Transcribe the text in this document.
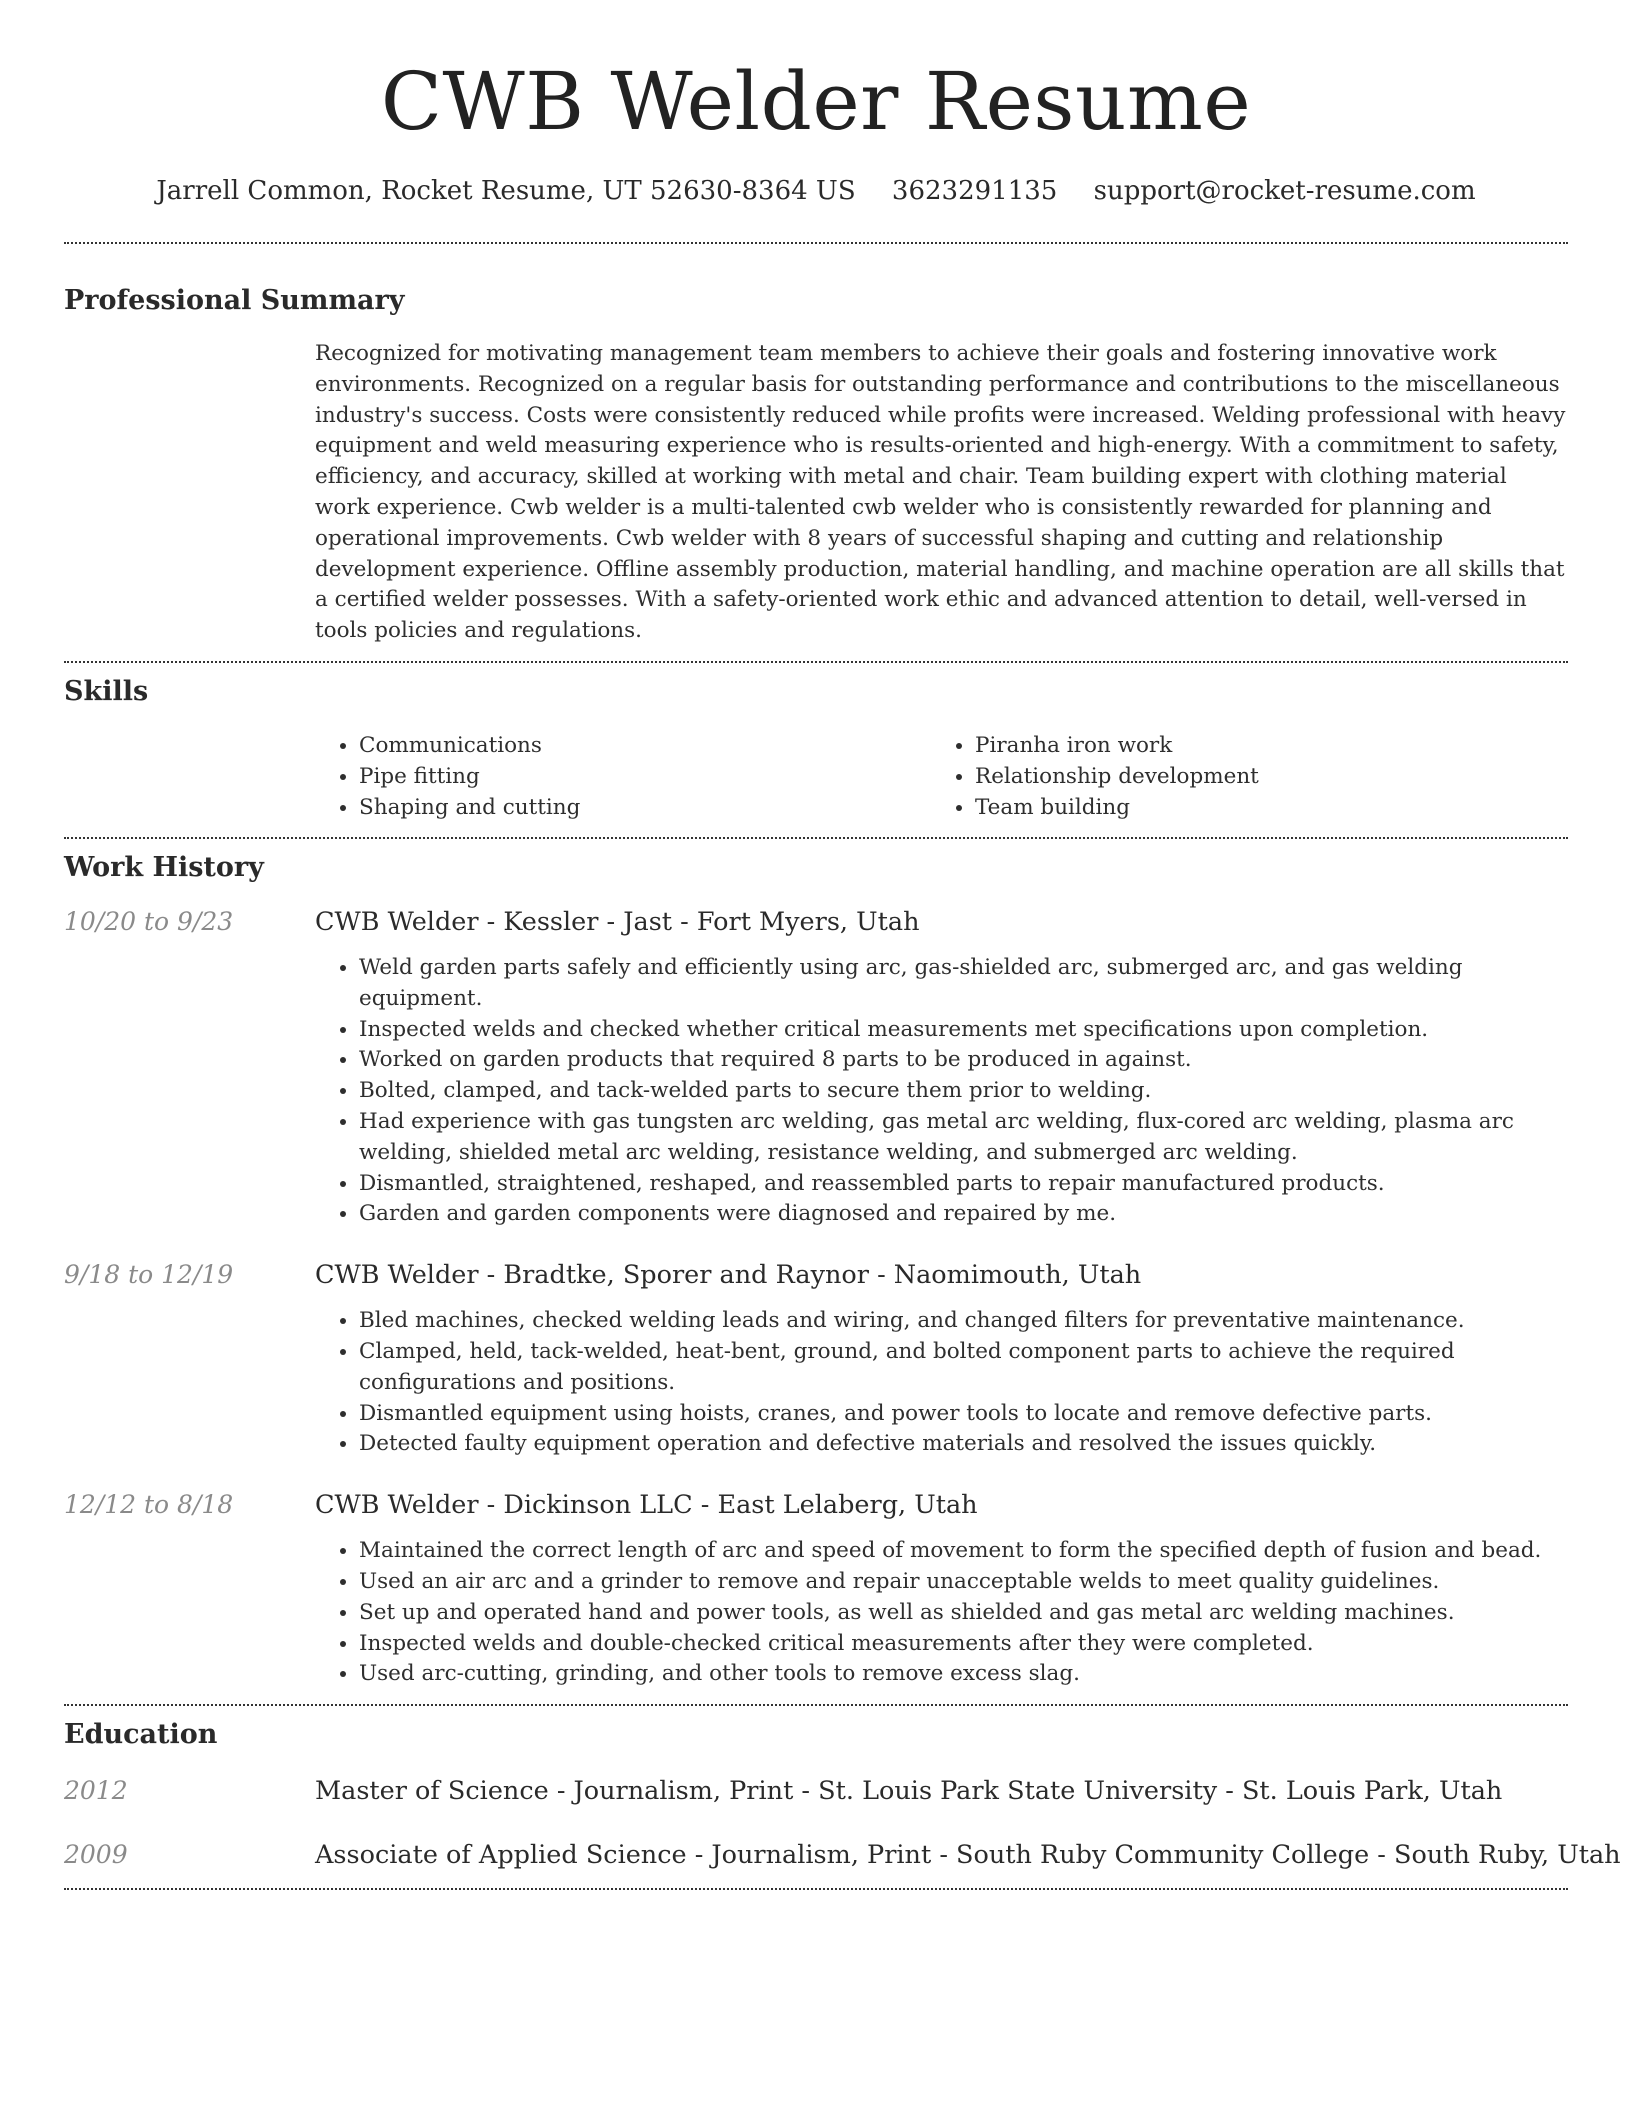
CWB Welder Resume
Jarrell Common, Rocket Resume, UT 52630-8364 US 3623291135 support@rocket-resume.com
Professional Summary
Recognized for motivating management team members to achieve their goals and fostering innovative work environments. Recognized on a regular basis for outstanding performance and contributions to the miscellaneous industry's success. Costs were consistently reduced while profits were increased. Welding professional with heavy equipment and weld measuring experience who is results-oriented and high-energy. With a commitment to safety, efficiency, and accuracy, skilled at working with metal and chair. Team building expert with clothing material work experience. Cwb welder is a multi-talented cwb welder who is consistently rewarded for planning and operational improvements. Cwb welder with 8 years of successful shaping and cutting and relationship development experience. Offline assembly production, material handling, and machine operation are all skills that a certified welder possesses. With a safety-oriented work ethic and advanced attention to detail, well-versed in tools policies and regulations.
Skills
• Communications
• Pipe fitting
• Shaping and cutting
• Piranha iron work
• Relationship development
• Team building
Work History
10/20 to 9/23	CWB Welder - Kessler - Jast - Fort Myers, Utah
• Weld garden parts safely and efficiently using arc, gas-shielded arc, submerged arc, and gas welding equipment.
• Inspected welds and checked whether critical measurements met specifications upon completion.
• Worked on garden products that required 8 parts to be produced in against.
• Bolted, clamped, and tack-welded parts to secure them prior to welding.
• Had experience with gas tungsten arc welding, gas metal arc welding, flux-cored arc welding, plasma arc welding, shielded metal arc welding, resistance welding, and submerged arc welding.
• Dismantled, straightened, reshaped, and reassembled parts to repair manufactured products.
• Garden and garden components were diagnosed and repaired by me.
9/18 to 12/19	CWB Welder - Bradtke, Sporer and Raynor - Naomimouth, Utah
• Bled machines, checked welding leads and wiring, and changed filters for preventative maintenance.
• Clamped, held, tack-welded, heat-bent, ground, and bolted component parts to achieve the required configurations and positions.
• Dismantled equipment using hoists, cranes, and power tools to locate and remove defective parts.
• Detected faulty equipment operation and defective materials and resolved the issues quickly.
12/12 to 8/18	CWB Welder - Dickinson LLC - East Lelaberg, Utah
• Maintained the correct length of arc and speed of movement to form the specified depth of fusion and bead.
• Used an air arc and a grinder to remove and repair unacceptable welds to meet quality guidelines.
• Set up and operated hand and power tools, as well as shielded and gas metal arc welding machines.
• Inspected welds and double-checked critical measurements after they were completed.
• Used arc-cutting, grinding, and other tools to remove excess slag.
Education
2012	Master of Science - Journalism, Print - St. Louis Park State University - St. Louis Park, Utah
2009	Associate of Applied Science - Journalism, Print - South Ruby Community College - South Ruby, Utah
